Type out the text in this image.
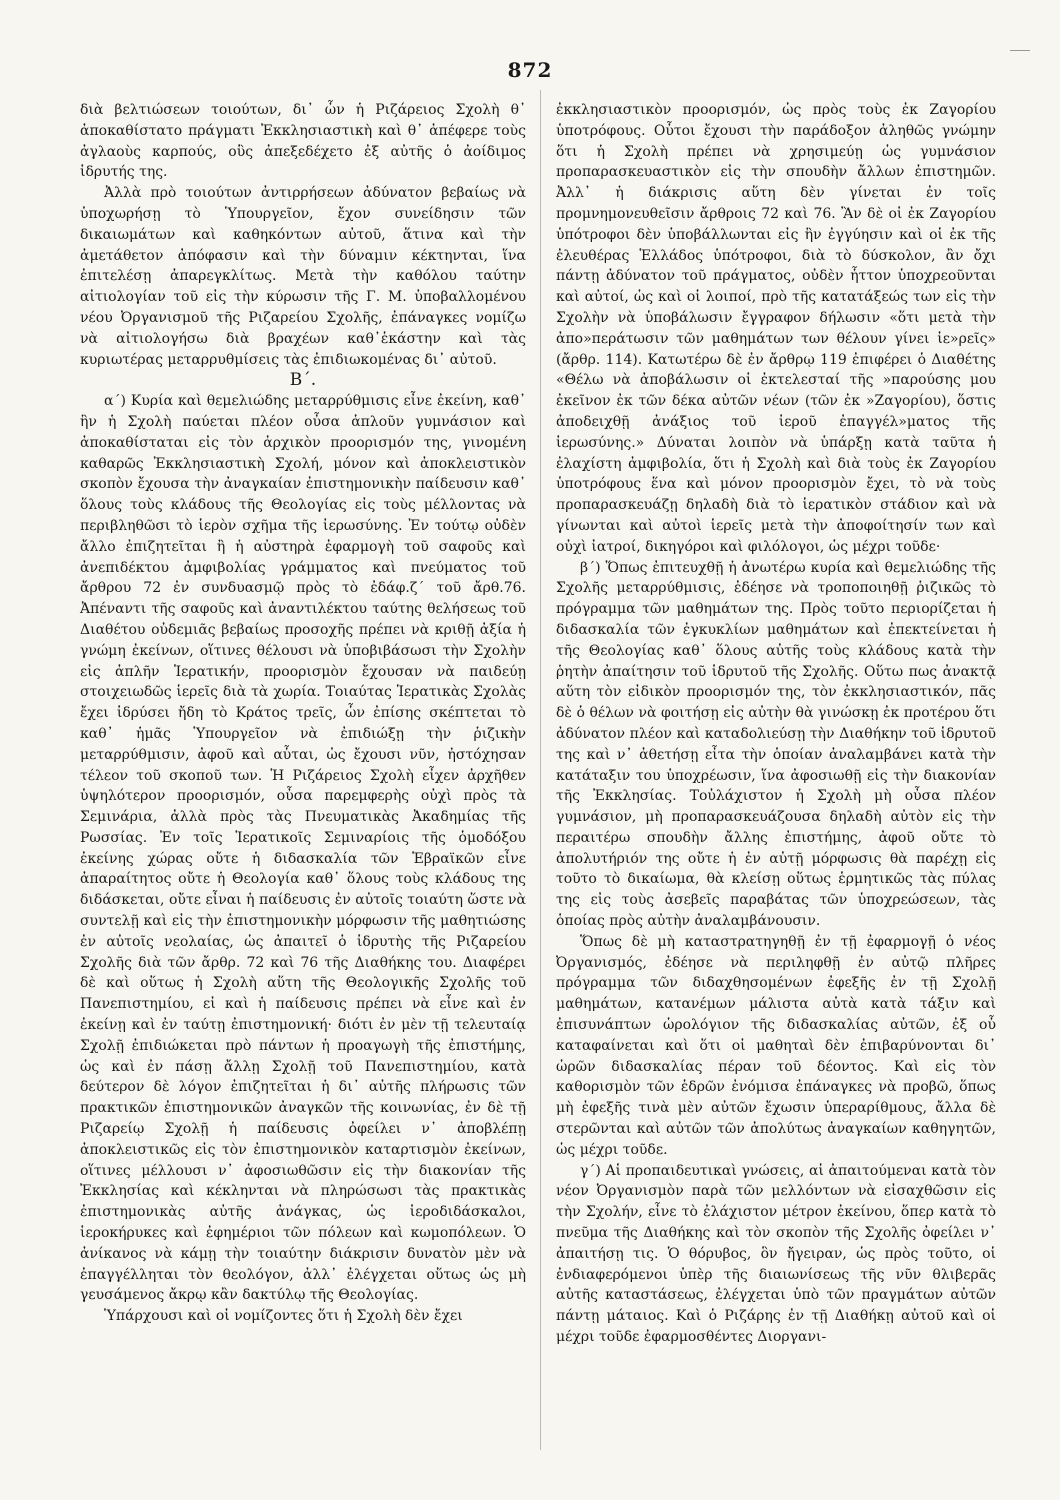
872

διὰ βελτιώσεων τοιούτων, δι᾽ ὧν ἡ Ριζάρειος Σχολὴ θ᾽ ἀποκαθίστατο πράγματι Ἐκκλησιαστικὴ καὶ θ᾽ ἀπέφερε τοὺς ἀγλαοὺς καρπούς, οὓς ἀπεξεδέχετο ἐξ αὐτῆς ὁ ἀοίδιμος ἱδρυτής της.

Ἀλλὰ πρὸ τοιούτων ἀντιρρήσεων ἀδύνατον βεβαίως νὰ ὑποχωρήσῃ τὸ Ὑπουργεῖον, ἔχον συνείδησιν τῶν δικαιωμάτων καὶ καθηκόντων αὐτοῦ, ἅτινα καὶ τὴν ἀμετάθετον ἀπόφασιν καὶ τὴν δύναμιν κέκτηνται, ἵνα ἐπιτελέσῃ ἀπαρεγκλίτως. Μετὰ τὴν καθόλου ταύτην αἰτιολογίαν τοῦ εἰς τὴν κύρωσιν τῆς Γ. Μ. ὑποβαλλομένου νέου Ὀργανισμοῦ τῆς Ριζαρείου Σχολῆς, ἐπάναγκες νομίζω νὰ αἰτιολογήσω διὰ βραχέων καθ᾽ἑκάστην καὶ τὰς κυριωτέρας μεταρρυθμίσεις τὰς ἐπιδιωκομένας δι᾽ αὐτοῦ.

Β΄.

α΄) Κυρία καὶ θεμελιώδης μεταρρύθμισις εἶνε ἐκείνη, καθ᾽ ἣν ἡ Σχολὴ παύεται πλέον οὖσα ἁπλοῦν γυμνάσιον καὶ ἀποκαθίσταται εἰς τὸν ἀρχικὸν προορισμόν της, γινομένη καθαρῶς Ἐκκλησιαστικὴ Σχολή, μόνον καὶ ἀποκλειστικὸν σκοπὸν ἔχουσα τὴν ἀναγκαίαν ἐπιστημονικὴν παίδευσιν καθ᾽ ὅλους τοὺς κλάδους τῆς Θεολογίας εἰς τοὺς μέλλοντας νὰ περιβληθῶσι τὸ ἱερὸν σχῆμα τῆς ἱερωσύνης. Ἐν τούτῳ οὐδὲν ἄλλο ἐπιζητεῖται ἢ ἡ αὐστηρὰ ἐφαρμογὴ τοῦ σαφοῦς καὶ ἀνεπιδέκτου ἀμφιβολίας γράμματος καὶ πνεύματος τοῦ ἄρθρου 72 ἐν συνδυασμῷ πρὸς τὸ ἐδάφ.ζ΄ τοῦ ἄρθ.76. Ἀπέναντι τῆς σαφοῦς καὶ ἀναντιλέκτου ταύτης θελήσεως τοῦ Διαθέτου οὐδεμιᾶς βεβαίως προσοχῆς πρέπει νὰ κριθῇ ἀξία ἡ γνώμη ἐκείνων, οἵτινες θέλουσι νὰ ὑποβιβάσωσι τὴν Σχολὴν εἰς ἁπλῆν Ἱερατικήν, προορισμὸν ἔχουσαν νὰ παιδεύῃ στοιχειωδῶς ἱερεῖς διὰ τὰ χωρία. Τοιαύτας Ἱερατικὰς Σχολὰς ἔχει ἱδρύσει ἤδη τὸ Κράτος τρεῖς, ὧν ἐπίσης σκέπτεται τὸ καθ᾽ ἡμᾶς Ὑπουργεῖον νὰ ἐπιδιώξῃ τὴν ῥιζικὴν μεταρρύθμισιν, ἀφοῦ καὶ αὗται, ὡς ἔχουσι νῦν, ἠστόχησαν τέλεον τοῦ σκοποῦ των. Ἡ Ριζάρειος Σχολὴ εἶχεν ἀρχῆθεν ὑψηλότερον προορισμόν, οὖσα παρεμφερὴς οὐχὶ πρὸς τὰ Σεμινάρια, ἀλλὰ πρὸς τὰς Πνευματικὰς Ἀκαδημίας τῆς Ρωσσίας. Ἐν τοῖς Ἱερατικοῖς Σεμιναρίοις τῆς ὁμοδόξου ἐκείνης χώρας οὔτε ἡ διδασκαλία τῶν Ἑβραϊκῶν εἶνε ἀπαραίτητος οὔτε ἡ Θεολογία καθ᾽ ὅλους τοὺς κλάδους της διδάσκεται, οὔτε εἶναι ἡ παίδευσις ἐν αὐτοῖς τοιαύτη ὥστε νὰ συντελῇ καὶ εἰς τὴν ἐπιστημονικὴν μόρφωσιν τῆς μαθητιώσης ἐν αὐτοῖς νεολαίας, ὡς ἀπαιτεῖ ὁ ἱδρυτὴς τῆς Ριζαρείου Σχολῆς διὰ τῶν ἄρθρ. 72 καὶ 76 τῆς Διαθήκης του. Διαφέρει δὲ καὶ οὕτως ἡ Σχολὴ αὕτη τῆς Θεολογικῆς Σχολῆς τοῦ Πανεπιστημίου, εἰ καὶ ἡ παίδευσις πρέπει νὰ εἶνε καὶ ἐν ἐκείνῃ καὶ ἐν ταύτῃ ἐπιστημονική· διότι ἐν μὲν τῇ τελευταίᾳ Σχολῇ ἐπιδιώκεται πρὸ πάντων ἡ προαγωγὴ τῆς ἐπιστήμης, ὡς καὶ ἐν πάσῃ ἄλλῃ Σχολῇ τοῦ Πανεπιστημίου, κατὰ δεύτερον δὲ λόγον ἐπιζητεῖται ἡ δι᾽ αὐτῆς πλήρωσις τῶν πρακτικῶν ἐπιστημονικῶν ἀναγκῶν τῆς κοινωνίας, ἐν δὲ τῇ Ριζαρείῳ Σχολῇ ἡ παίδευσις ὀφείλει ν᾽ ἀποβλέπῃ ἀποκλειστικῶς εἰς τὸν ἐπιστημονικὸν καταρτισμὸν ἐκείνων, οἵτινες μέλλουσι ν᾽ ἀφοσιωθῶσιν εἰς τὴν διακονίαν τῆς Ἐκκλησίας καὶ κέκληνται νὰ πληρώσωσι τὰς πρακτικὰς ἐπιστημονικὰς αὐτῆς ἀνάγκας, ὡς ἱεροδιδάσκαλοι, ἱεροκήρυκες καὶ ἐφημέριοι τῶν πόλεων καὶ κωμοπόλεων. Ὁ ἀνίκανος νὰ κάμῃ τὴν τοιαύτην διάκρισιν δυνατὸν μὲν νὰ ἐπαγγέλληται τὸν θεολόγον, ἀλλ᾽ ἐλέγχεται οὕτως ὡς μὴ γευσάμενος ἄκρῳ κἂν δακτύλῳ τῆς Θεολογίας.

Ὑπάρχουσι καὶ οἱ νομίζοντες ὅτι ἡ Σχολὴ δὲν ἔχει

ἐκκλησιαστικὸν προορισμόν, ὡς πρὸς τοὺς ἐκ Ζαγορίου ὑποτρόφους. Οὗτοι ἔχουσι τὴν παράδοξον ἀληθῶς γνώμην ὅτι ἡ Σχολὴ πρέπει νὰ χρησιμεύῃ ὡς γυμνάσιον προπαρασκευαστικὸν εἰς τὴν σπουδὴν ἄλλων ἐπιστημῶν. Ἀλλ᾽ ἡ διάκρισις αὕτη δὲν γίνεται ἐν τοῖς προμνημονευθεῖσιν ἄρθροις 72 καὶ 76. Ἂν δὲ οἱ ἐκ Ζαγορίου ὑπότροφοι δὲν ὑποβάλλωνται εἰς ἣν ἐγγύησιν καὶ οἱ ἐκ τῆς ἐλευθέρας Ἑλλάδος ὑπότροφοι, διὰ τὸ δύσκολον, ἂν ὄχι πάντῃ ἀδύνατον τοῦ πράγματος, οὐδὲν ἧττον ὑποχρεοῦνται καὶ αὐτοί, ὡς καὶ οἱ λοιποί, πρὸ τῆς κατατάξεώς των εἰς τὴν Σχολὴν νὰ ὑποβάλωσιν ἔγγραφον δήλωσιν «ὅτι μετὰ τὴν ἀπο»περάτωσιν τῶν μαθημάτων των θέλουν γίνει ἱε»ρεῖς» (ἄρθρ. 114). Κατωτέρω δὲ ἐν ἄρθρῳ 119 ἐπιφέρει ὁ Διαθέτης «Θέλω νὰ ἀποβάλωσιν οἱ ἐκτελεσταί τῆς »παρούσης μου ἐκεῖνον ἐκ τῶν δέκα αὐτῶν νέων (τῶν ἐκ »Ζαγορίου), ὅστις ἀποδειχθῇ ἀνάξιος τοῦ ἱεροῦ ἐπαγγέλ»ματος τῆς ἱερωσύνης.» Δύναται λοιπὸν νὰ ὑπάρξῃ κατὰ ταῦτα ἡ ἐλαχίστη ἀμφιβολία, ὅτι ἡ Σχολὴ καὶ διὰ τοὺς ἐκ Ζαγορίου ὑποτρόφους ἕνα καὶ μόνον προορισμὸν ἔχει, τὸ νὰ τοὺς προπαρασκευάζῃ δηλαδὴ διὰ τὸ ἱερατικὸν στάδιον καὶ νὰ γίνωνται καὶ αὐτοὶ ἱερεῖς μετὰ τὴν ἀποφοίτησίν των καὶ οὐχὶ ἰατροί, δικηγόροι καὶ φιλόλογοι, ὡς μέχρι τοῦδε·

β΄) Ὅπως ἐπιτευχθῇ ἡ ἀνωτέρω κυρία καὶ θεμελιώδης τῆς Σχολῆς μεταρρύθμισις, ἐδέησε νὰ τροποποιηθῇ ῥιζικῶς τὸ πρόγραμμα τῶν μαθημάτων της. Πρὸς τοῦτο περιορίζεται ἡ διδασκαλία τῶν ἐγκυκλίων μαθημάτων καὶ ἐπεκτείνεται ἡ τῆς Θεολογίας καθ᾽ ὅλους αὐτῆς τοὺς κλάδους κατὰ τὴν ῥητὴν ἀπαίτησιν τοῦ ἱδρυτοῦ τῆς Σχολῆς. Οὕτω πως ἀνακτᾷ αὕτη τὸν εἰδικὸν προορισμόν της, τὸν ἐκκλησιαστικόν, πᾶς δὲ ὁ θέλων νὰ φοιτήσῃ εἰς αὐτὴν θὰ γινώσκῃ ἐκ προτέρου ὅτι ἀδύνατον πλέον καὶ καταδολιεύσῃ τὴν Διαθήκην τοῦ ἱδρυτοῦ της καὶ ν᾽ ἀθετήσῃ εἶτα τὴν ὁποίαν ἀναλαμβάνει κατὰ τὴν κατάταξιν του ὑποχρέωσιν, ἵνα ἀφοσιωθῇ εἰς τὴν διακονίαν τῆς Ἐκκλησίας. Τοὐλάχιστον ἡ Σχολὴ μὴ οὖσα πλέον γυμνάσιον, μὴ προπαρασκευάζουσα δηλαδὴ αὐτὸν εἰς τὴν περαιτέρω σπουδὴν ἄλλης ἐπιστήμης, ἀφοῦ οὔτε τὸ ἀπολυτήριόν της οὔτε ἡ ἐν αὐτῇ μόρφωσις θὰ παρέχῃ εἰς τοῦτο τὸ δικαίωμα, θὰ κλείσῃ οὕτως ἑρμητικῶς τὰς πύλας της εἰς τοὺς ἀσεβεῖς παραβάτας τῶν ὑποχρεώσεων, τὰς ὁποίας πρὸς αὐτὴν ἀναλαμβάνουσιν.

Ὅπως δὲ μὴ καταστρατηγηθῇ ἐν τῇ ἐφαρμογῇ ὁ νέος Ὀργανισμός, ἐδέησε νὰ περιληφθῇ ἐν αὐτῷ πλῆρες πρόγραμμα τῶν διδαχθησομένων ἐφεξῆς ἐν τῇ Σχολῇ μαθημάτων, κατανέμων μάλιστα αὐτὰ κατὰ τάξιν καὶ ἐπισυνάπτων ὡρολόγιον τῆς διδασκαλίας αὐτῶν, ἐξ οὗ καταφαίνεται καὶ ὅτι οἱ μαθηταὶ δὲν ἐπιβαρύνονται δι᾽ ὡρῶν διδασκαλίας πέραν τοῦ δέοντος. Καὶ εἰς τὸν καθορισμὸν τῶν ἑδρῶν ἐνόμισα ἐπάναγκες νὰ προβῶ, ὅπως μὴ ἐφεξῆς τινὰ μὲν αὐτῶν ἔχωσιν ὑπεραρίθμους, ἄλλα δὲ στερῶνται καὶ αὐτῶν τῶν ἀπολύτως ἀναγκαίων καθηγητῶν, ὡς μέχρι τοῦδε.

γ΄) Αἱ προπαιδευτικαὶ γνώσεις, αἱ ἀπαιτούμεναι κατὰ τὸν νέον Ὀργανισμὸν παρὰ τῶν μελλόντων νὰ εἰσαχθῶσιν εἰς τὴν Σχολήν, εἶνε τὸ ἐλάχιστον μέτρον ἐκείνου, ὅπερ κατὰ τὸ πνεῦμα τῆς Διαθήκης καὶ τὸν σκοπὸν τῆς Σχολῆς ὀφείλει ν᾽ ἀπαιτήσῃ τις. Ὁ θόρυβος, ὃν ἤγειραν, ὡς πρὸς τοῦτο, οἱ ἐνδιαφερόμενοι ὑπὲρ τῆς διαιωνίσεως τῆς νῦν θλιβερᾶς αὐτῆς καταστάσεως, ἐλέγχεται ὑπὸ τῶν πραγμάτων αὐτῶν πάντῃ μάταιος. Καὶ ὁ Ριζάρης ἐν τῇ Διαθήκῃ αὐτοῦ καὶ οἱ μέχρι τοῦδε ἐφαρμοσθέντες Διοργανι-
